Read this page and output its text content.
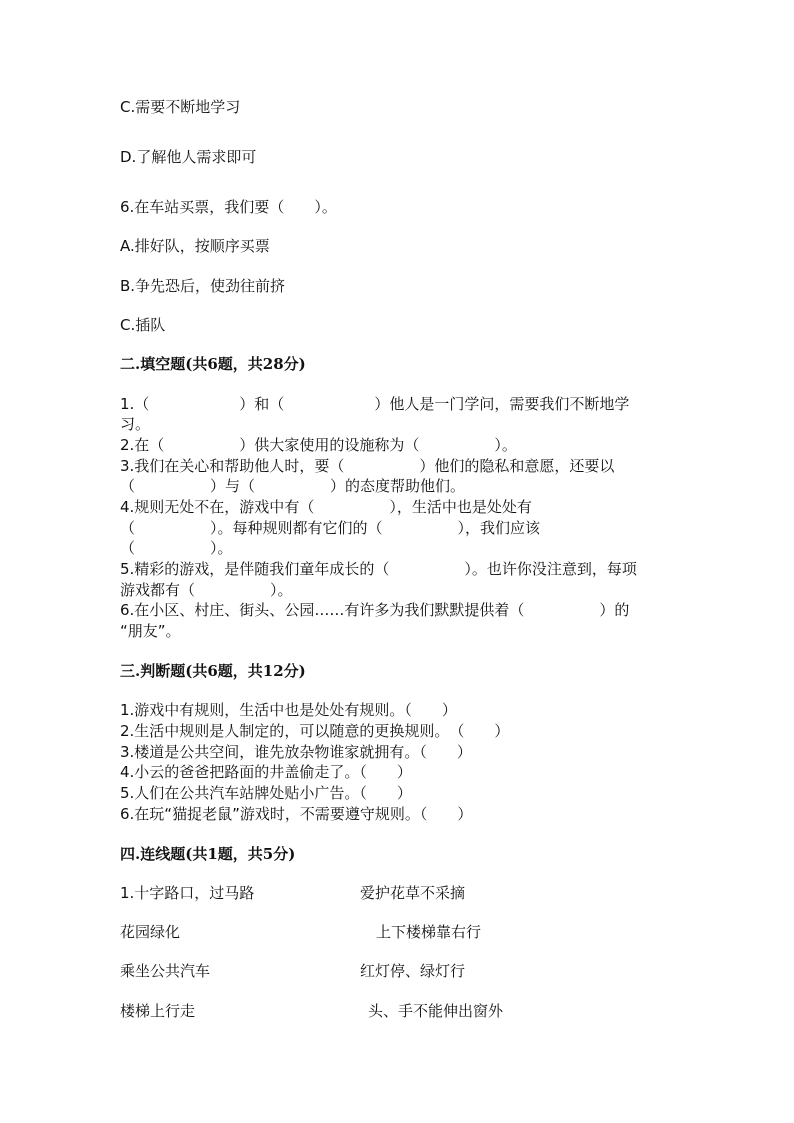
C.需要不断地学习
D.了解他人需求即可
6.在车站买票，我们要（　　）。
A.排好队，按顺序买票
B.争先恐后，使劲往前挤
C.插队
二.填空题(共6题，共28分)
1.（　　　　　　）和（　　　　　　）他人是一门学问，需要我们不断地学
习。
2.在（　　　　　）供大家使用的设施称为（　　　　　）。
3.我们在关心和帮助他人时，要（　　　　　）他们的隐私和意愿，还要以
（　　　　　）与（　　　　　）的态度帮助他们。
4.规则无处不在，游戏中有（　　　　　），生活中也是处处有
（　　　　　）。每种规则都有它们的（　　　　　），我们应该
（　　　　　）。
5.精彩的游戏，是伴随我们童年成长的（　　　　　）。也许你没注意到，每项
游戏都有（　　　　　）。
6.在小区、村庄、街头、公园……有许多为我们默默提供着（　　　　　）的
“朋友”。
三.判断题(共6题，共12分)
1.游戏中有规则，生活中也是处处有规则。（　　）
2.生活中规则是人制定的，可以随意的更换规则。　（　　）
3.楼道是公共空间，谁先放杂物谁家就拥有。（　　）
4.小云的爸爸把路面的井盖偷走了。（　　）
5.人们在公共汽车站牌处贴小广告。（　　）
6.在玩“猫捉老鼠”游戏时，不需要遵守规则。（　　）
四.连线题(共1题，共5分)
1.十字路口，过马路	爱护花草不采摘
花园绿化	上下楼梯靠右行
乘坐公共汽车	红灯停、绿灯行
楼梯上行走	头、手不能伸出窗外
